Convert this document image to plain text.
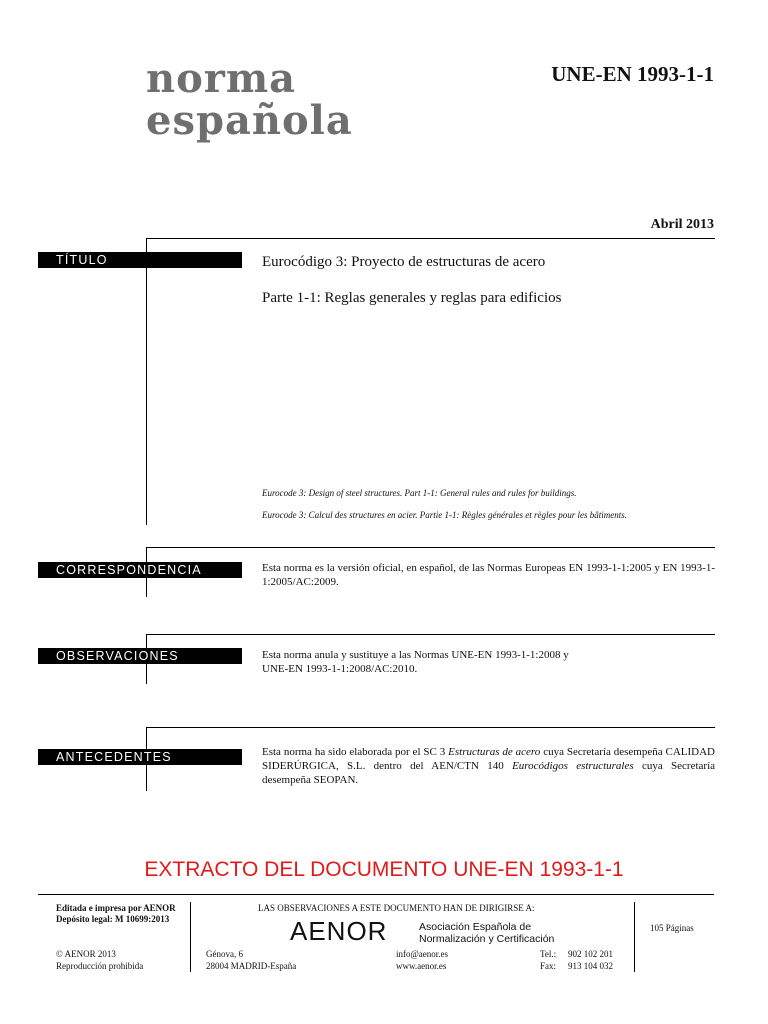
norma
española
UNE-EN 1993-1-1
Abril 2013
TÍTULO	Eurocódigo 3: Proyecto de estructuras de acero
Parte 1-1: Reglas generales y reglas para edificios
Eurocode 3: Design of steel structures. Part 1-1: General rules and rules for buildings.
Eurocode 3: Calcul des structures en acier. Partie 1-1: Règles générales et règles pour les bâtiments.
CORRESPONDENCIA	Esta norma es la versión oficial, en español, de las Normas Europeas EN 1993-1-1:2005 y EN 1993-1-1:2005/AC:2009.
OBSERVACIONES	Esta norma anula y sustituye a las Normas UNE-EN 1993-1-1:2008 y
UNE-EN 1993-1-1:2008/AC:2010.
ANTECEDENTES	Esta norma ha sido elaborada por el SC 3 Estructuras de acero cuya Secretaría desempeña CALIDAD SIDERÚRGICA, S.L. dentro del AEN/CTN 140 Eurocódigos estructurales cuya Secretaría desempeña SEOPAN.
EXTRACTO DEL DOCUMENTO UNE-EN 1993-1-1
Editada e impresa por AENOR
Depósito legal: M 10699:2013
© AENOR 2013
Reproducción prohibida
LAS OBSERVACIONES A ESTE DOCUMENTO HAN DE DIRIGIRSE A:
AENOR	Asociación Española de
Normalización y Certificación
Génova, 6
28004 MADRID-España
info@aenor.es
www.aenor.es
Tel.: 902 102 201
Fax: 913 104 032
105 Páginas
